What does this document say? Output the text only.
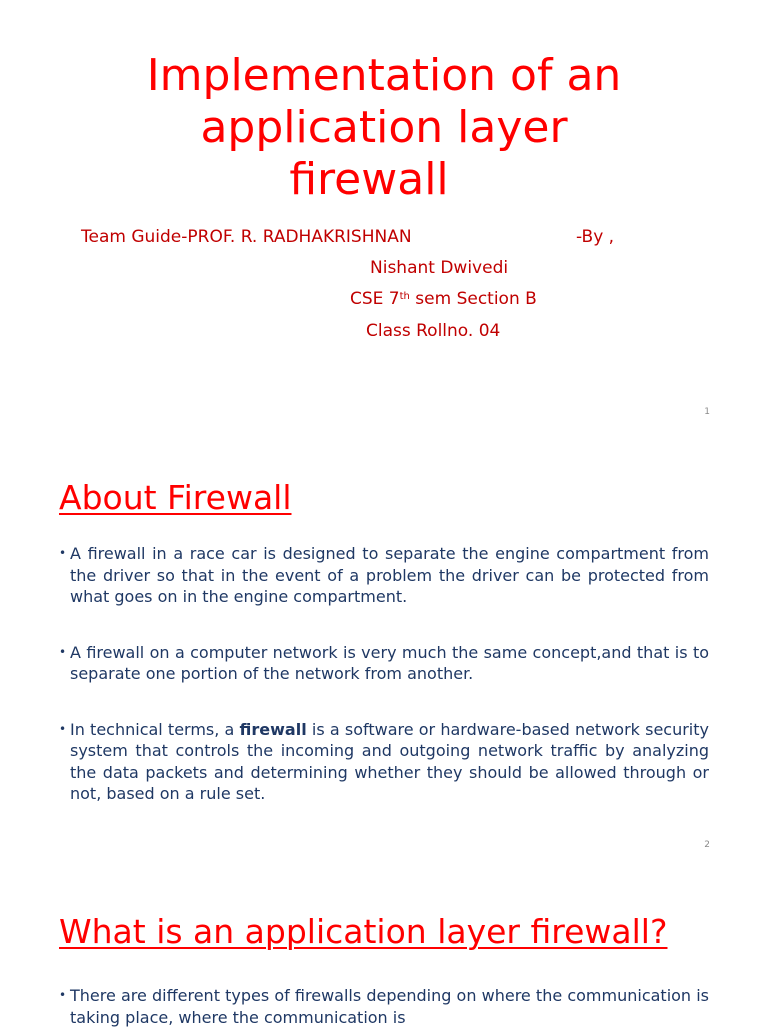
Implementation of an
application layer
firewall
Team Guide-PROF. R. RADHAKRISHNAN	-By ,
Nishant Dwivedi
CSE 7th sem Section B
Class Rollno. 04
1
About Firewall
• A firewall in a race car is designed to separate the engine compartment from the driver so that in the event of a problem the driver can be protected from what goes on in the engine compartment.
• A firewall on a computer network is very much the same concept,and that is to separate one portion of the network from another.
• In technical terms, a firewall is a software or hardware-based network security system that controls the incoming and outgoing network traffic by analyzing the data packets and determining whether they should be allowed through or not, based on a rule set.
2
What is an application layer firewall?
• There are different types of firewalls depending on where the communication is taking place, where the communication is
